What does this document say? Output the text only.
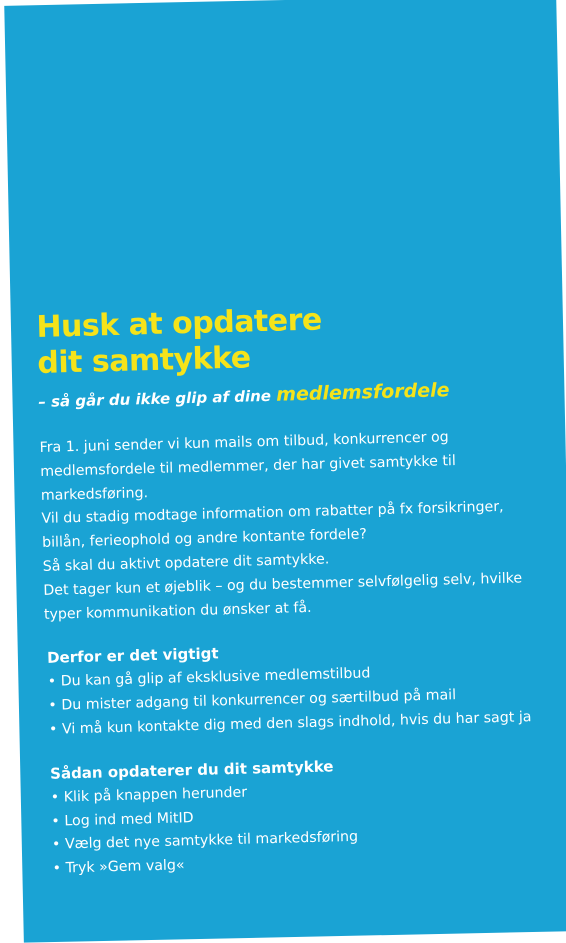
Husk at opdatere
dit samtykke
– så går du ikke glip af dine medlemsfordele

Fra 1. juni sender vi kun mails om tilbud, konkurrencer og medlemsfordele til medlemmer, der har givet samtykke til markedsføring.

Vil du stadig modtage information om rabatter på fx forsikringer, billån, ferieophold og andre kontante fordele?

Så skal du aktivt opdatere dit samtykke.

Det tager kun et øjeblik – og du bestemmer selvfølgelig selv, hvilke typer kommunikation du ønsker at få.

Derfor er det vigtigt
• Du kan gå glip af eksklusive medlemstilbud
• Du mister adgang til konkurrencer og særtilbud på mail
• Vi må kun kontakte dig med den slags indhold, hvis du har sagt ja
Sådan opdaterer du dit samtykke
• Klik på knappen herunder
• Log ind med MitID
• Vælg det nye samtykke til markedsføring
• Tryk »Gem valg«
